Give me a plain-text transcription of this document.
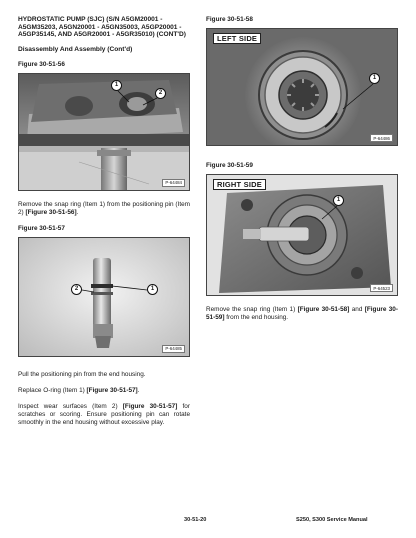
HYDROSTATIC PUMP (SJC) (S/N A5GM20001 - A5GM35203, A5GN20001 - A5GN35003, A5GP20001 - A5GP35145, AND A5GR20001 - A5GR35010) (CONT'D)
Disassembly And Assembly (Cont'd)
Figure 30-51-56
1
2
P-64484
Remove the snap ring (Item 1) from the positioning pin (Item 2) [Figure 30-51-56].
Figure 30-51-57
2	1
P-64485
Pull the positioning pin from the end housing.
Replace O-ring (Item 1) [Figure 30-51-57].
Inspect wear surfaces (Item 2) [Figure 30-51-57] for scratches or scoring. Ensure positioning pin can rotate smoothly in the end housing without excessive play.
Figure 30-51-58
LEFT SIDE
1
P-64486
Figure 30-51-59
RIGHT SIDE
1
P-64523
Remove the snap ring (Item 1) [Figure 30-51-58] and [Figure 30-51-59] from the end housing.
30-51-20	S250, S300 Service Manual
